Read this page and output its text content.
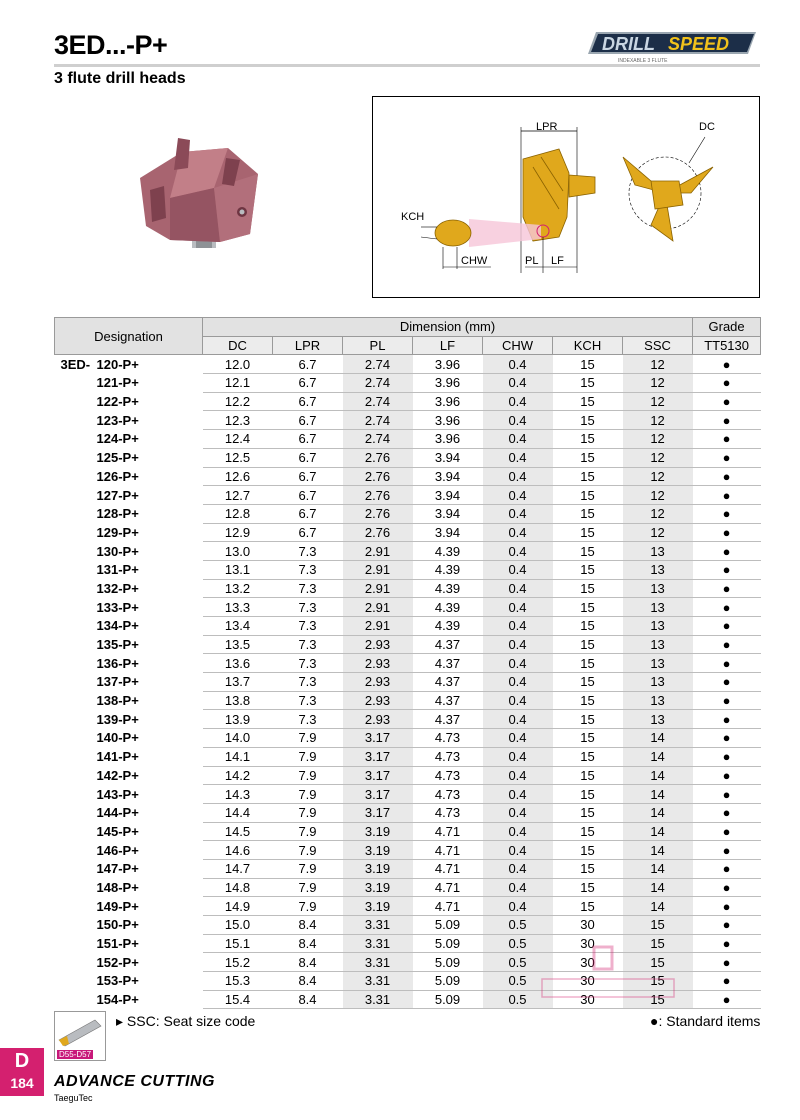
3ED...-P+
3 flute drill heads
DRILL SPEED
INDEXABLE 3 FLUTE
LPR	DC
KCH
CHW	PL LF
Designation	Dimension (mm)							Grade
	DC	LPR	PL	LF	CHW	KCH	SSC	TT5130
3ED- 120-P+	12.0	6.7	2.74	3.96	0.4	15	12	●
121-P+	12.1	6.7	2.74	3.96	0.4	15	12	●
122-P+	12.2	6.7	2.74	3.96	0.4	15	12	●
123-P+	12.3	6.7	2.74	3.96	0.4	15	12	●
124-P+	12.4	6.7	2.74	3.96	0.4	15	12	●
125-P+	12.5	6.7	2.76	3.94	0.4	15	12	●
126-P+	12.6	6.7	2.76	3.94	0.4	15	12	●
127-P+	12.7	6.7	2.76	3.94	0.4	15	12	●
128-P+	12.8	6.7	2.76	3.94	0.4	15	12	●
129-P+	12.9	6.7	2.76	3.94	0.4	15	12	●
130-P+	13.0	7.3	2.91	4.39	0.4	15	13	●
131-P+	13.1	7.3	2.91	4.39	0.4	15	13	●
132-P+	13.2	7.3	2.91	4.39	0.4	15	13	●
133-P+	13.3	7.3	2.91	4.39	0.4	15	13	●
134-P+	13.4	7.3	2.91	4.39	0.4	15	13	●
135-P+	13.5	7.3	2.93	4.37	0.4	15	13	●
136-P+	13.6	7.3	2.93	4.37	0.4	15	13	●
137-P+	13.7	7.3	2.93	4.37	0.4	15	13	●
138-P+	13.8	7.3	2.93	4.37	0.4	15	13	●
139-P+	13.9	7.3	2.93	4.37	0.4	15	13	●
140-P+	14.0	7.9	3.17	4.73	0.4	15	14	●
141-P+	14.1	7.9	3.17	4.73	0.4	15	14	●
142-P+	14.2	7.9	3.17	4.73	0.4	15	14	●
143-P+	14.3	7.9	3.17	4.73	0.4	15	14	●
144-P+	14.4	7.9	3.17	4.73	0.4	15	14	●
145-P+	14.5	7.9	3.19	4.71	0.4	15	14	●
146-P+	14.6	7.9	3.19	4.71	0.4	15	14	●
147-P+	14.7	7.9	3.19	4.71	0.4	15	14	●
148-P+	14.8	7.9	3.19	4.71	0.4	15	14	●
149-P+	14.9	7.9	3.19	4.71	0.4	15	14	●
150-P+	15.0	8.4	3.31	5.09	0.5	30	15	●
151-P+	15.1	8.4	3.31	5.09	0.5	30	15	●
152-P+	15.2	8.4	3.31	5.09	0.5	30	15	●
153-P+	15.3	8.4	3.31	5.09	0.5	30	15	●
154-P+	15.4	8.4	3.31	5.09	0.5	30	15	●
▸ SSC: Seat size code	●: Standard items
D55-D57
D
184	ADVANCE CUTTING
TaeguTec
